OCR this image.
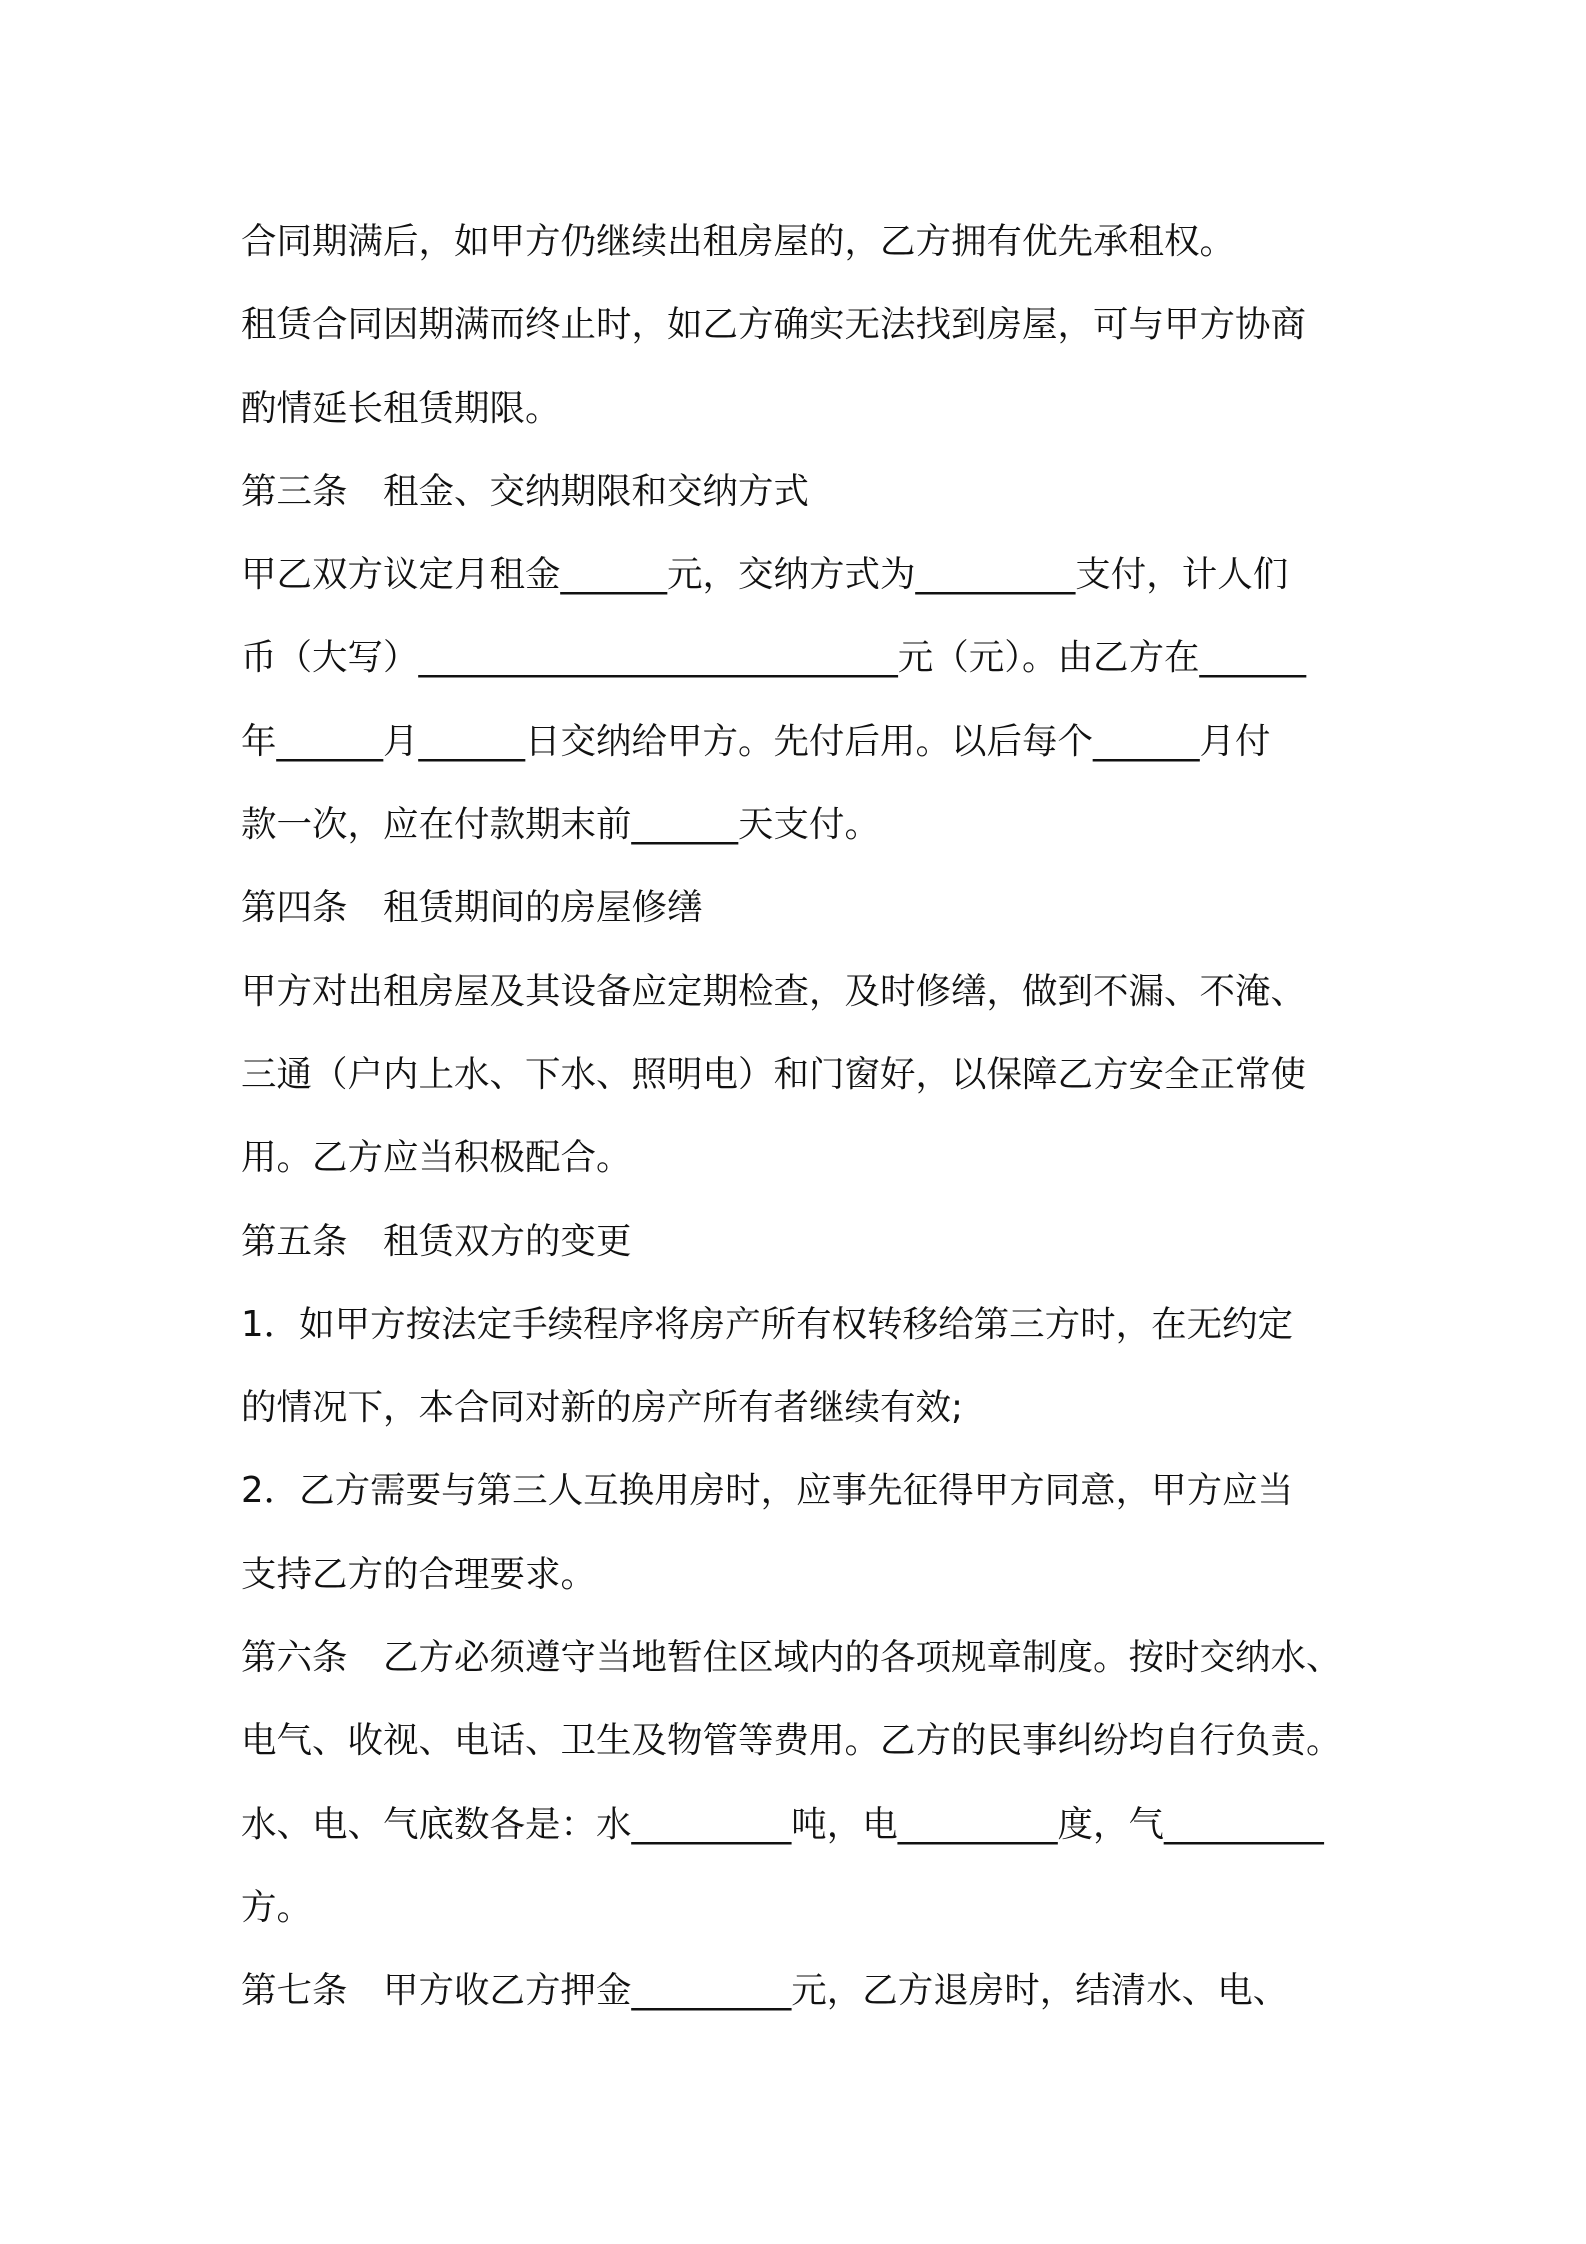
合同期满后，如甲方仍继续出租房屋的，乙方拥有优先承租权。
租赁合同因期满而终止时，如乙方确实无法找到房屋，可与甲方协商
酌情延长租赁期限。
第三条　租金、交纳期限和交纳方式
甲乙双方议定月租金______元，交纳方式为_________支付，计人们
币（大写）___________________________元（元）。由乙方在______
年______月______日交纳给甲方。先付后用。以后每个______月付
款一次，应在付款期末前______天支付。
第四条　租赁期间的房屋修缮
甲方对出租房屋及其设备应定期检查，及时修缮，做到不漏、不淹、
三通（户内上水、下水、照明电）和门窗好，以保障乙方安全正常使
用。乙方应当积极配合。
第五条　租赁双方的变更
1．如甲方按法定手续程序将房产所有权转移给第三方时，在无约定
的情况下，本合同对新的房产所有者继续有效;
2．乙方需要与第三人互换用房时，应事先征得甲方同意，甲方应当
支持乙方的合理要求。
第六条　乙方必须遵守当地暂住区域内的各项规章制度。按时交纳水、
电气、收视、电话、卫生及物管等费用。乙方的民事纠纷均自行负责。
水、电、气底数各是：水_________吨，电_________度，气_________
方。
第七条　甲方收乙方押金_________元，乙方退房时，结清水、电、
